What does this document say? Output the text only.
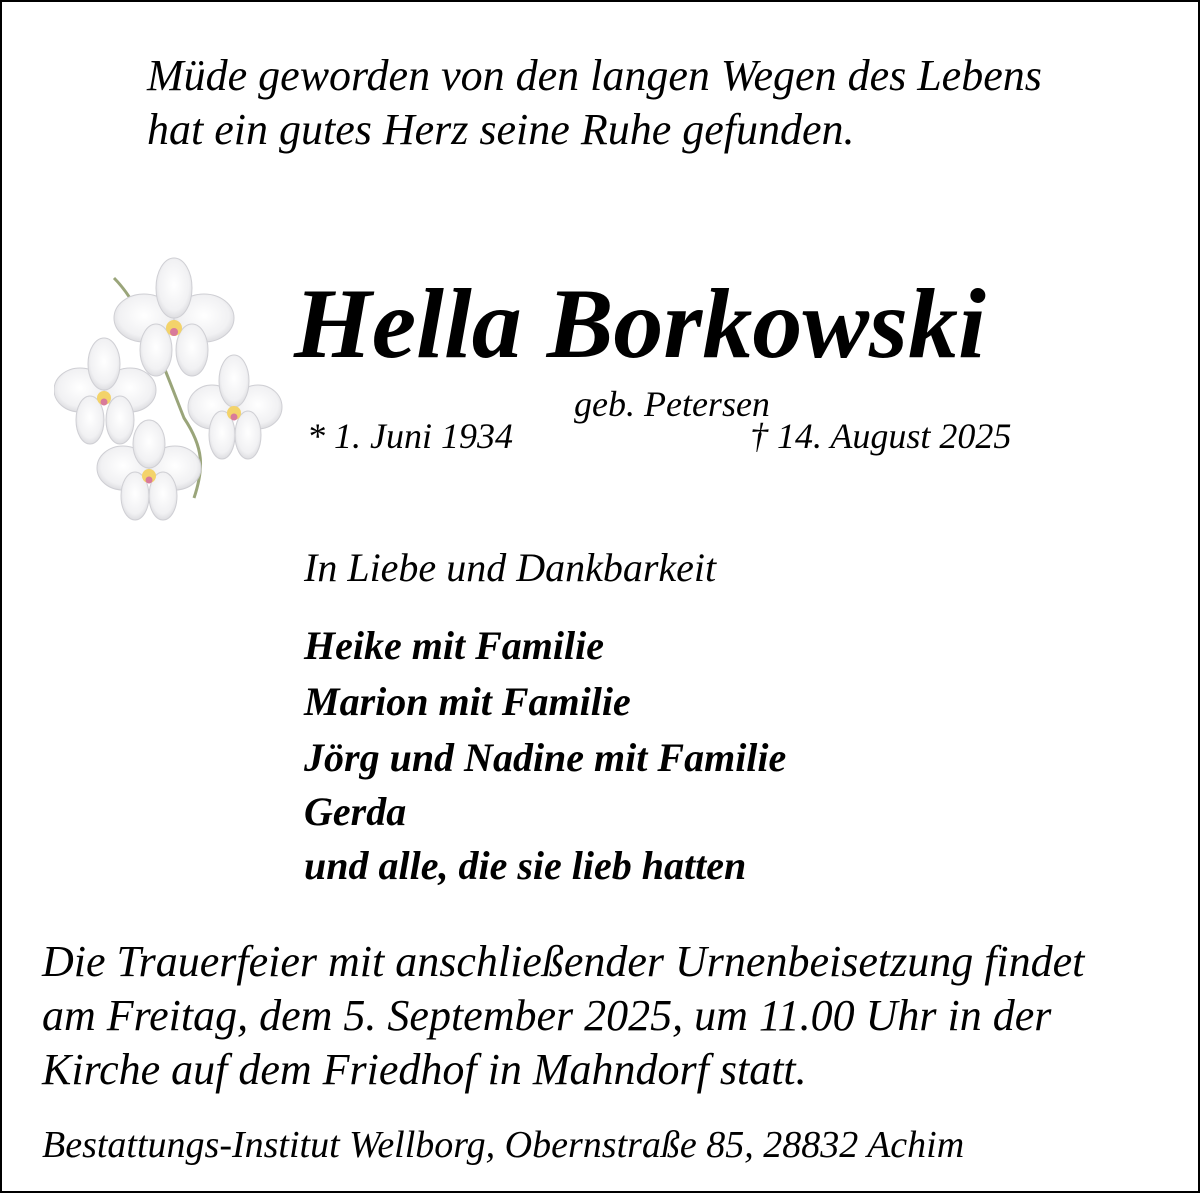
Müde geworden von den langen Wegen des Lebens

hat ein gutes Herz seine Ruhe gefunden.

Hella Borkowski

geb. Petersen

* 1. Juni 1934	† 14. August 2025

In Liebe und Dankbarkeit

Heike mit Familie

Marion mit Familie

Jörg und Nadine mit Familie

Gerda

und alle, die sie lieb hatten

Die Trauerfeier mit anschließender Urnenbeisetzung findet

am Freitag, dem 5. September 2025, um 11.00 Uhr in der

Kirche auf dem Friedhof in Mahndorf statt.

Bestattungs-Institut Wellborg, Obernstraße 85, 28832 Achim
